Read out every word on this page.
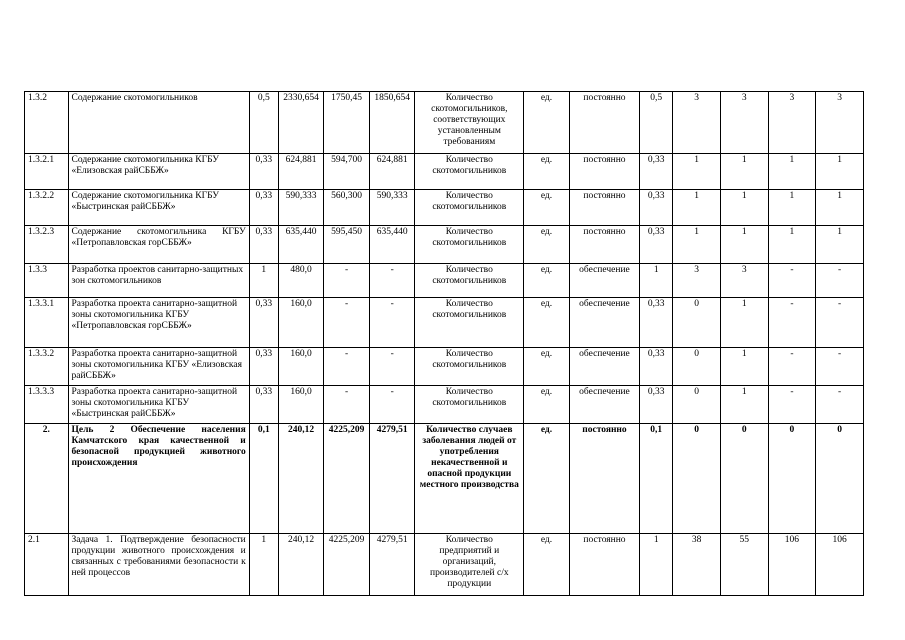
1.3.2	Содержание скотомогильников	0,5	2330,654	1750,45	1850,654	Количество скотомогильников, соответствующих установленным требованиям	ед.	постоянно	0,5	3	3	3	3
1.3.2.1	Содержание скотомогильника КГБУ «Елизовская райСББЖ»	0,33	624,881	594,700	624,881	Количество скотомогильников	ед.	постоянно	0,33	1	1	1	1
1.3.2.2	Содержание скотомогильника КГБУ «Быстринская райСББЖ»	0,33	590,333	560,300	590,333	Количество скотомогильников	ед.	постоянно	0,33	1	1	1	1
1.3.2.3	Содержание скотомогильника КГБУ «Петропавловская горСББЖ»	0,33	635,440	595,450	635,440	Количество скотомогильников	ед.	постоянно	0,33	1	1	1	1
1.3.3	Разработка проектов санитарно-защитных зон скотомогильников	1	480,0	-	-	Количество скотомогильников	ед.	обеспечение	1	3	3	-	-
1.3.3.1	Разработка проекта санитарно-защитной зоны скотомогильника КГБУ «Петропавловская горСББЖ»	0,33	160,0	-	-	Количество скотомогильников	ед.	обеспечение	0,33	0	1	-	-
1.3.3.2	Разработка проекта санитарно-защитной зоны скотомогильника КГБУ «Елизовская райСББЖ»	0,33	160,0	-	-	Количество скотомогильников	ед.	обеспечение	0,33	0	1	-	-
1.3.3.3	Разработка проекта санитарно-защитной зоны скотомогильника КГБУ «Быстринская райСББЖ»	0,33	160,0	-	-	Количество скотомогильников	ед.	обеспечение	0,33	0	1	-	-
2.	Цель 2 Обеспечение населения Камчатского края качественной и безопасной продукцией животного происхождения	0,1	240,12	4225,209	4279,51	Количество случаев заболевания людей от употребления некачественной и опасной продукции местного производства	ед.	постоянно	0,1	0	0	0	0
2.1	Задача 1. Подтверждение безопасности продукции животного происхождения и связанных с требованиями безопасности к ней процессов	1	240,12	4225,209	4279,51	Количество предприятий и организаций, производителей с/х продукции	ед.	постоянно	1	38	55	106	106
